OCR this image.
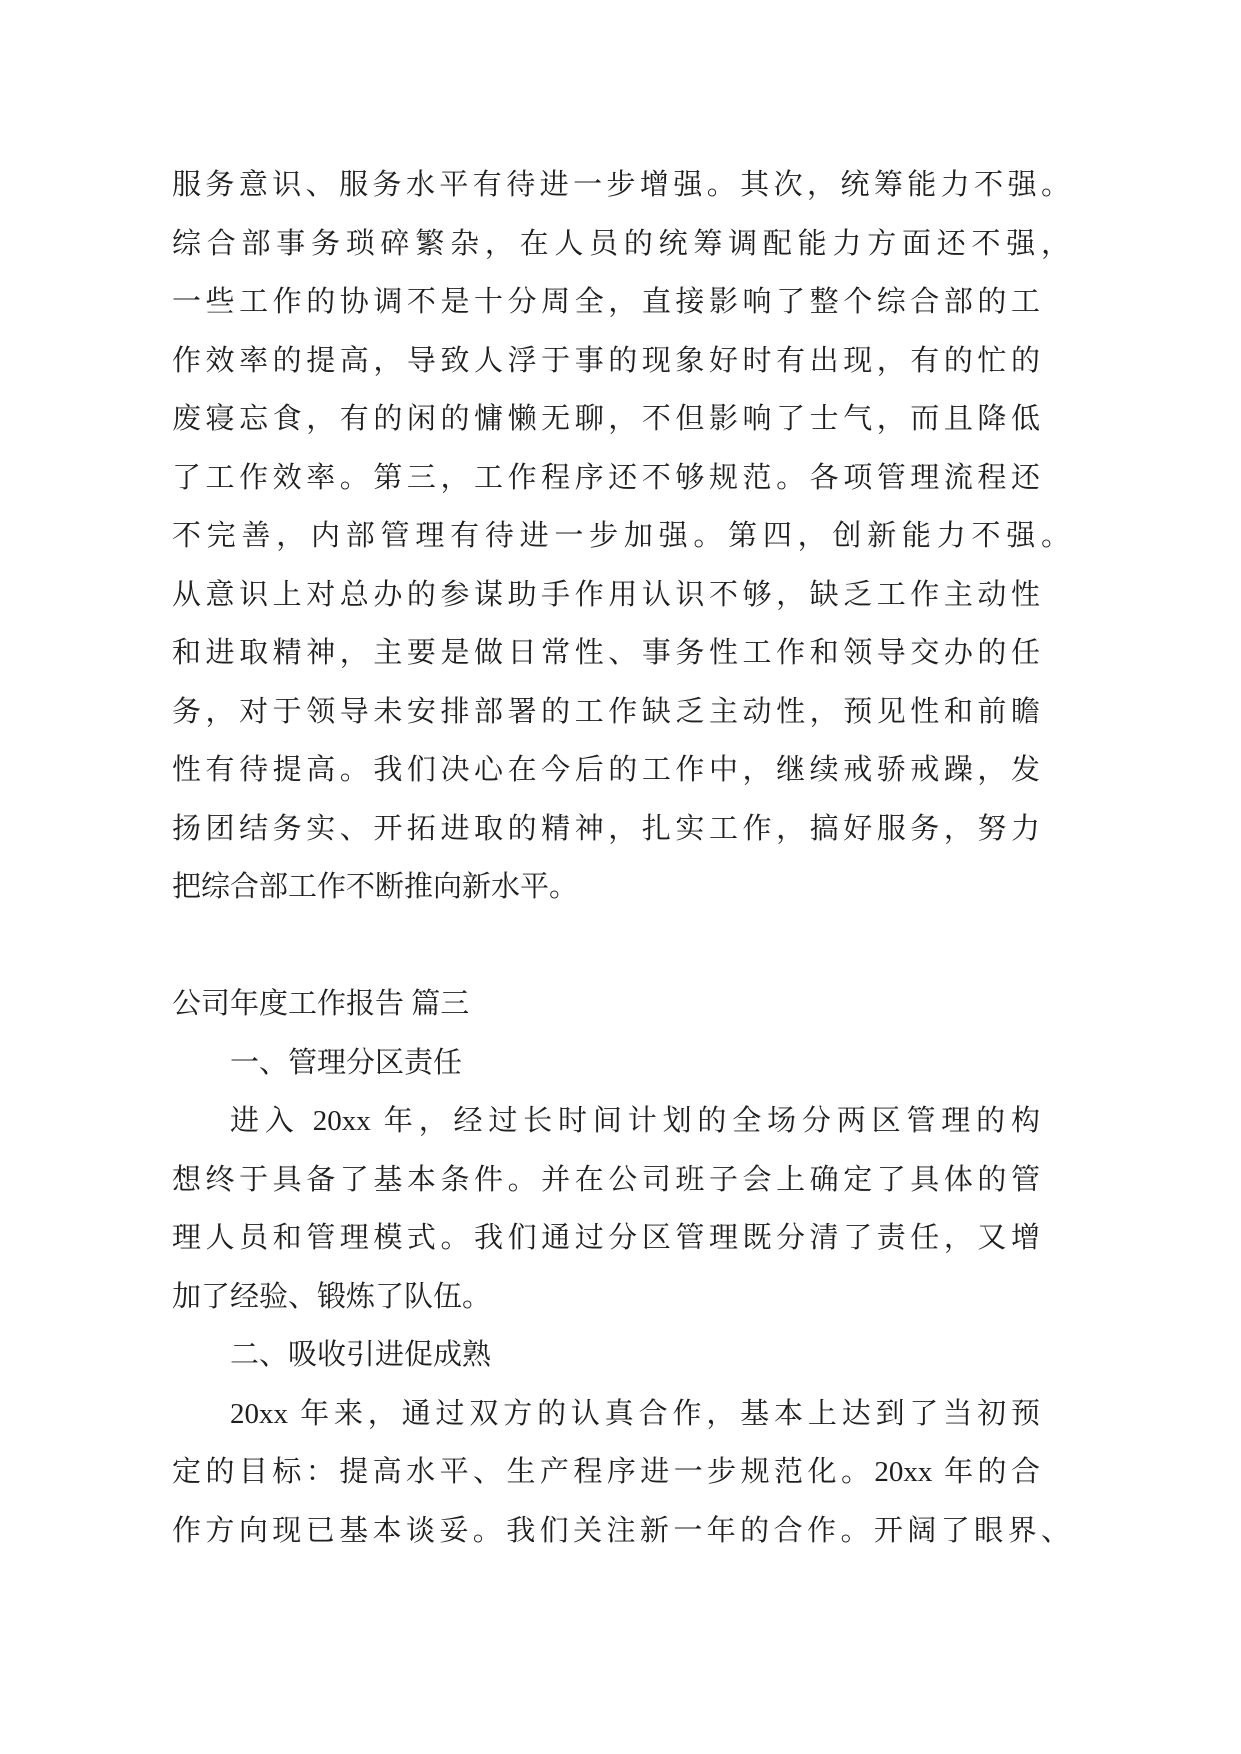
服务意识、服务水平有待进一步增强。其次，统筹能力不强。
综合部事务琐碎繁杂，在人员的统筹调配能力方面还不强，
一些工作的协调不是十分周全，直接影响了整个综合部的工
作效率的提高，导致人浮于事的现象好时有出现，有的忙的
废寝忘食，有的闲的慵懒无聊，不但影响了士气，而且降低
了工作效率。第三，工作程序还不够规范。各项管理流程还
不完善，内部管理有待进一步加强。第四，创新能力不强。
从意识上对总办的参谋助手作用认识不够，缺乏工作主动性
和进取精神，主要是做日常性、事务性工作和领导交办的任
务，对于领导未安排部署的工作缺乏主动性，预见性和前瞻
性有待提高。我们决心在今后的工作中，继续戒骄戒躁，发
扬团结务实、开拓进取的精神，扎实工作，搞好服务，努力
把综合部工作不断推向新水平。
公司年度工作报告 篇三
一、管理分区责任
进入 20xx 年，经过长时间计划的全场分两区管理的构
想终于具备了基本条件。并在公司班子会上确定了具体的管
理人员和管理模式。我们通过分区管理既分清了责任，又增
加了经验、锻炼了队伍。
二、吸收引进促成熟
20xx 年来，通过双方的认真合作，基本上达到了当初预
定的目标：提高水平、生产程序进一步规范化。20xx 年的合
作方向现已基本谈妥。我们关注新一年的合作。开阔了眼界、
